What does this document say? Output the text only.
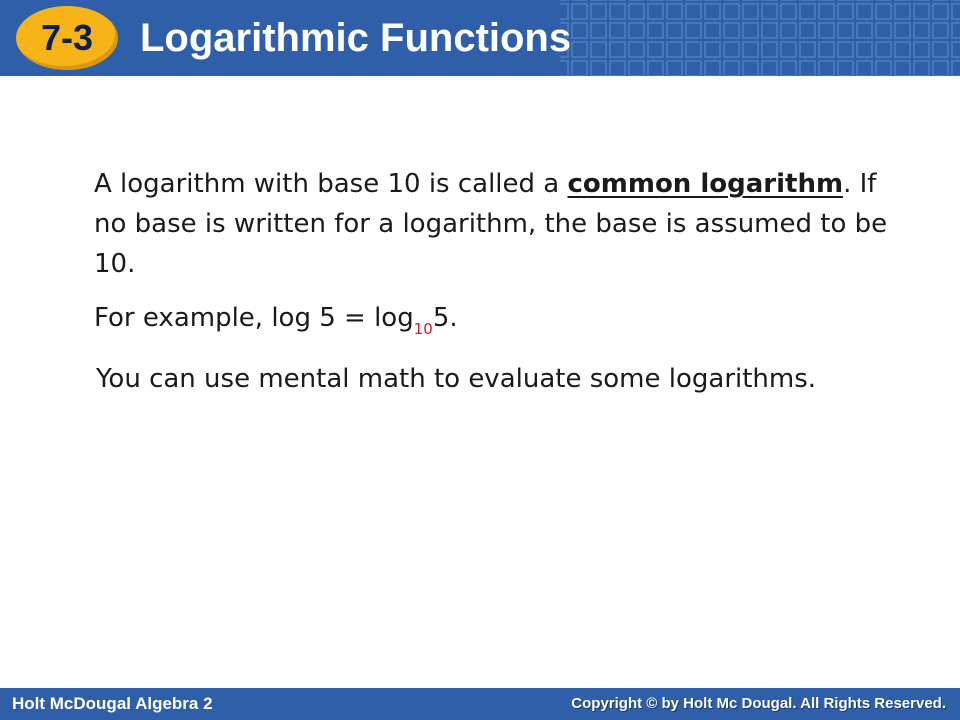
7-3	Logarithmic Functions

A logarithm with base 10 is called a common logarithm. If no base is written for a logarithm, the base is assumed to be 10.

For example, $\log 5 = \log_{10}5$.

You can use mental math to evaluate some logarithms.

Holt McDougal Algebra 2	Copyright © by Holt Mc Dougal. All Rights Reserved.
